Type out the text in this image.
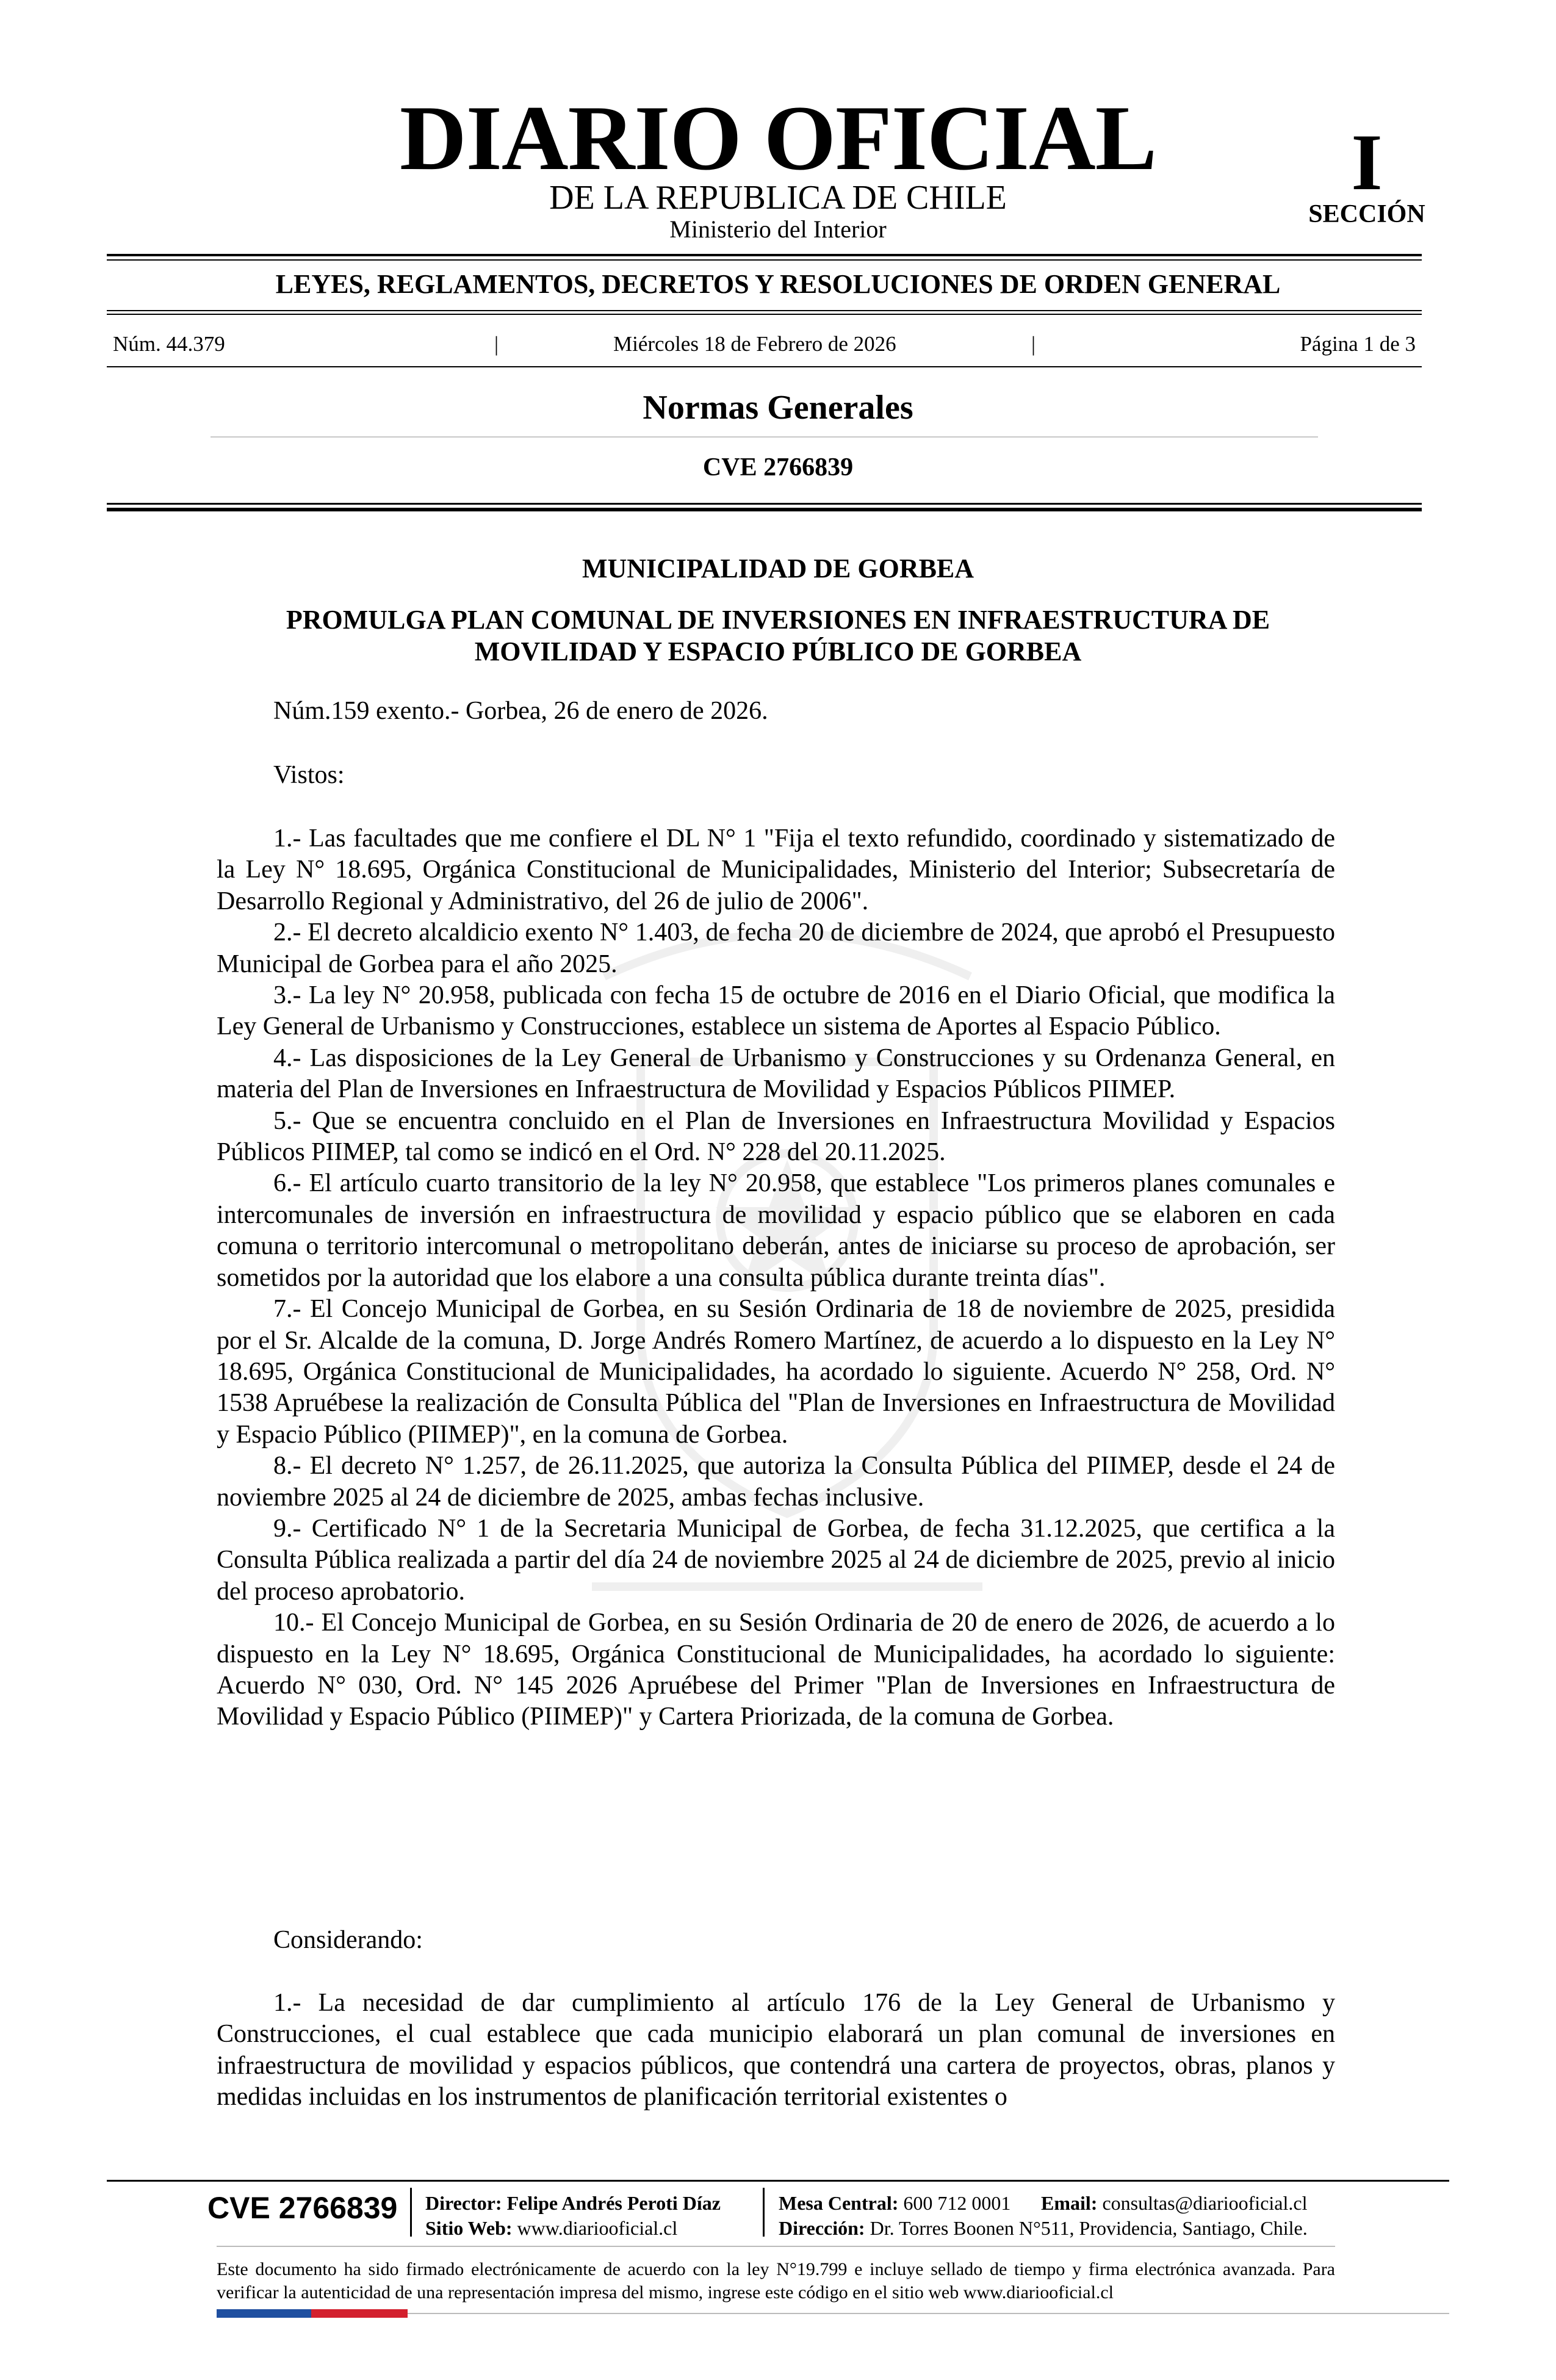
DIARIO OFICIAL
DE LA REPUBLICA DE CHILE
Ministerio del Interior
I
SECCIÓN
LEYES, REGLAMENTOS, DECRETOS Y RESOLUCIONES DE ORDEN GENERAL
Núm. 44.379	|	Miércoles 18 de Febrero de 2026	|	Página 1 de 3
Normas Generales
CVE 2766839
MUNICIPALIDAD DE GORBEA
PROMULGA PLAN COMUNAL DE INVERSIONES EN INFRAESTRUCTURA DE MOVILIDAD Y ESPACIO PÚBLICO DE GORBEA
Núm.159 exento.- Gorbea, 26 de enero de 2026.
Vistos:

1.- Las facultades que me confiere el DL N° 1 "Fija el texto refundido, coordinado y sistematizado de la Ley N° 18.695, Orgánica Constitucional de Municipalidades, Ministerio del Interior; Subsecretaría de Desarrollo Regional y Administrativo, del 26 de julio de 2006".

2.- El decreto alcaldicio exento N° 1.403, de fecha 20 de diciembre de 2024, que aprobó el Presupuesto Municipal de Gorbea para el año 2025.

3.- La ley N° 20.958, publicada con fecha 15 de octubre de 2016 en el Diario Oficial, que modifica la Ley General de Urbanismo y Construcciones, establece un sistema de Aportes al Espacio Público.

4.- Las disposiciones de la Ley General de Urbanismo y Construcciones y su Ordenanza General, en materia del Plan de Inversiones en Infraestructura de Movilidad y Espacios Públicos PIIMEP.

5.- Que se encuentra concluido en el Plan de Inversiones en Infraestructura Movilidad y Espacios Públicos PIIMEP, tal como se indicó en el Ord. N° 228 del 20.11.2025.

6.- El artículo cuarto transitorio de la ley N° 20.958, que establece "Los primeros planes comunales e intercomunales de inversión en infraestructura de movilidad y espacio público que se elaboren en cada comuna o territorio intercomunal o metropolitano deberán, antes de iniciarse su proceso de aprobación, ser sometidos por la autoridad que los elabore a una consulta pública durante treinta días".

7.- El Concejo Municipal de Gorbea, en su Sesión Ordinaria de 18 de noviembre de 2025, presidida por el Sr. Alcalde de la comuna, D. Jorge Andrés Romero Martínez, de acuerdo a lo dispuesto en la Ley N° 18.695, Orgánica Constitucional de Municipalidades, ha acordado lo siguiente. Acuerdo N° 258, Ord. N° 1538 Apruébese la realización de Consulta Pública del "Plan de Inversiones en Infraestructura de Movilidad y Espacio Público (PIIMEP)", en la comuna de Gorbea.

8.- El decreto N° 1.257, de 26.11.2025, que autoriza la Consulta Pública del PIIMEP, desde el 24 de noviembre 2025 al 24 de diciembre de 2025, ambas fechas inclusive.

9.- Certificado N° 1 de la Secretaria Municipal de Gorbea, de fecha 31.12.2025, que certifica a la Consulta Pública realizada a partir del día 24 de noviembre 2025 al 24 de diciembre de 2025, previo al inicio del proceso aprobatorio.

10.- El Concejo Municipal de Gorbea, en su Sesión Ordinaria de 20 de enero de 2026, de acuerdo a lo dispuesto en la Ley N° 18.695, Orgánica Constitucional de Municipalidades, ha acordado lo siguiente: Acuerdo N° 030, Ord. N° 145 2026 Apruébese del Primer "Plan de Inversiones en Infraestructura de Movilidad y Espacio Público (PIIMEP)" y Cartera Priorizada, de la comuna de Gorbea.

Considerando:

1.- La necesidad de dar cumplimiento al artículo 176 de la Ley General de Urbanismo y Construcciones, el cual establece que cada municipio elaborará un plan comunal de inversiones en infraestructura de movilidad y espacios públicos, que contendrá una cartera de proyectos, obras, planos y medidas incluidas en los instrumentos de planificación territorial existentes o

CVE 2766839 Director: Felipe Andrés Peroti Díaz
Sitio Web: www.diariooficial.cl
Mesa Central: 600 712 0001 Email: consultas@diariooficial.cl
Dirección: Dr. Torres Boonen N°511, Providencia, Santiago, Chile.
Este documento ha sido firmado electrónicamente de acuerdo con la ley N°19.799 e incluye sellado de tiempo y firma electrónica avanzada. Para verificar la autenticidad de una representación impresa del mismo, ingrese este código en el sitio web www.diariooficial.cl
